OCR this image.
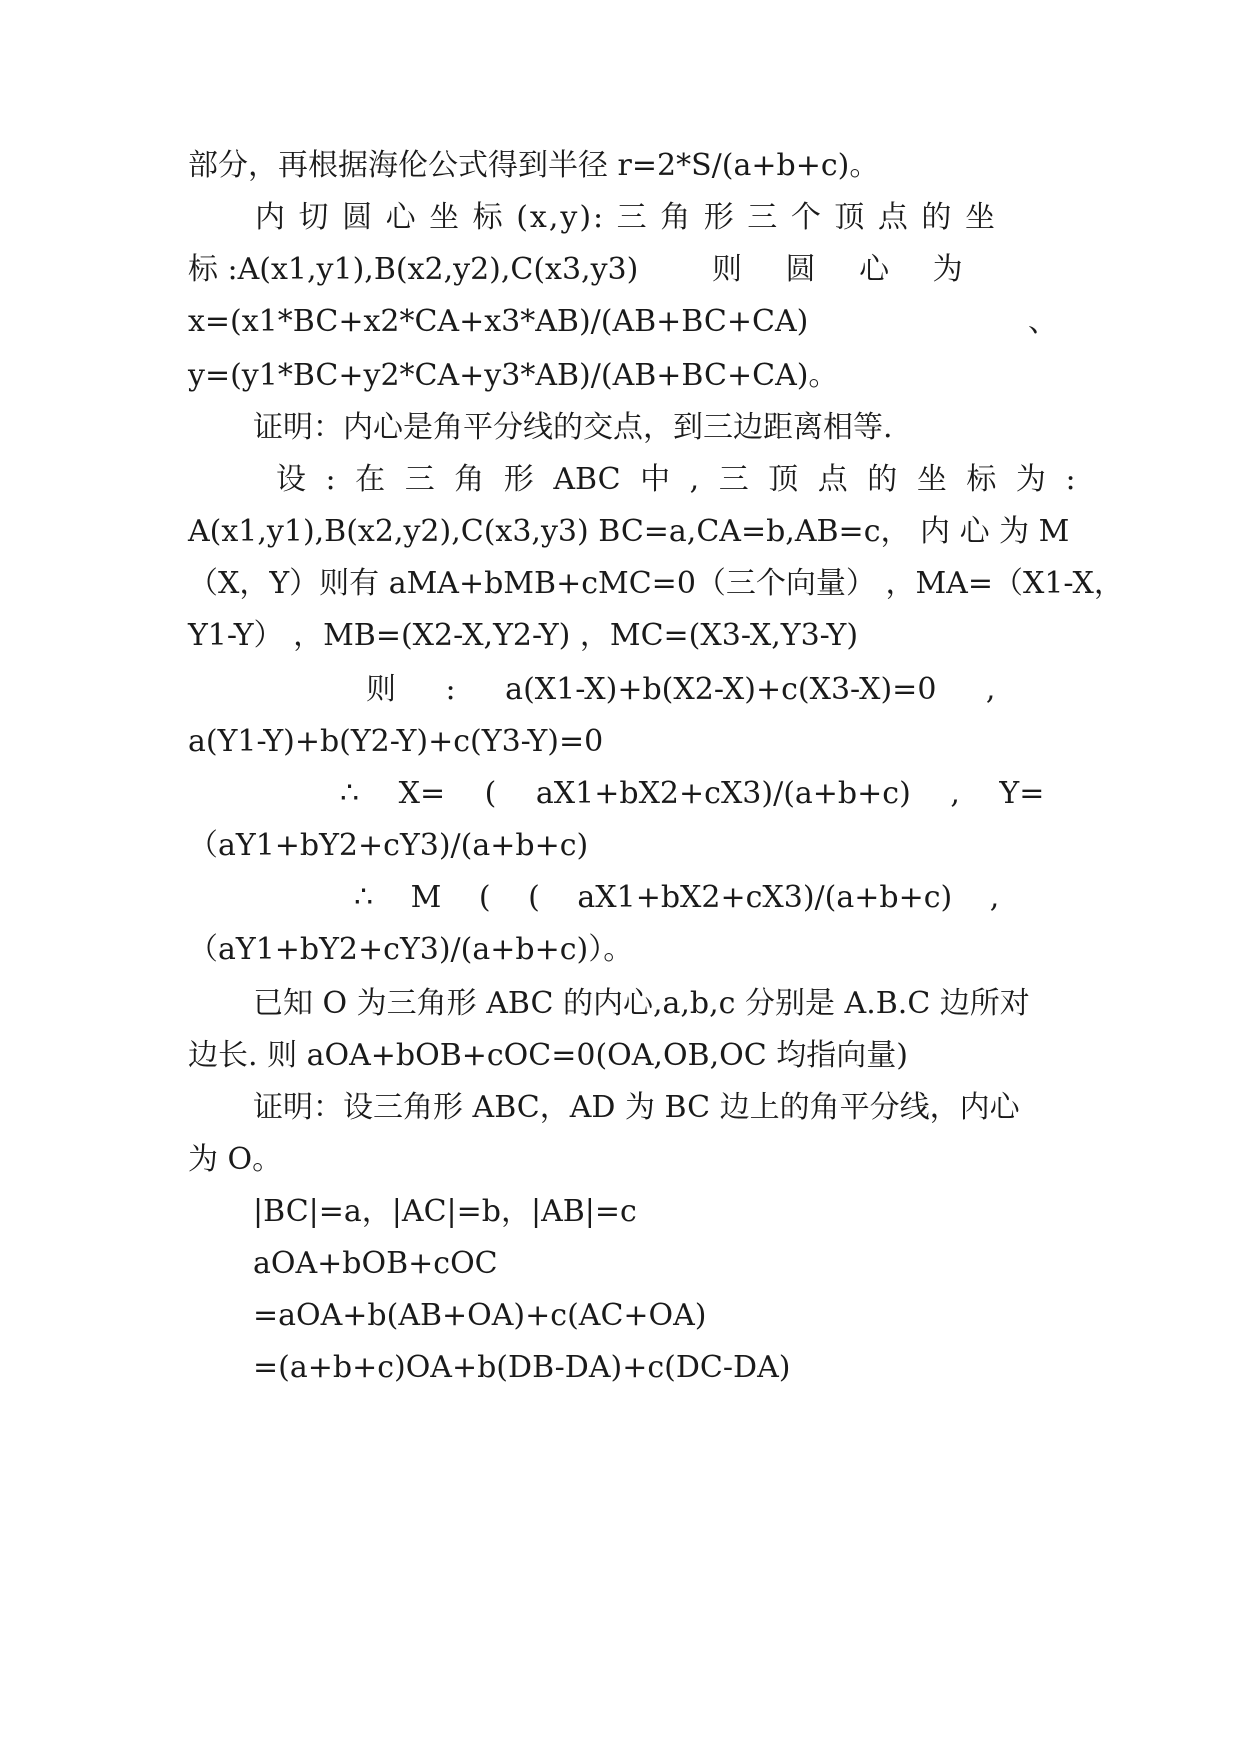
部分，再根据海伦公式得到半径 r=2*S/(a+b+c)。
内 切 圆 心 坐 标 (x,y): 三 角 形 三 个 顶 点 的 坐
标 :A(x1,y1),B(x2,y2),C(x3,y3)	则 圆 心 为
x=(x1*BC+x2*CA+x3*AB)/(AB+BC+CA)	、
y=(y1*BC+y2*CA+y3*AB)/(AB+BC+CA)。
证明：内心是角平分线的交点，到三边距离相等.
设 : 在 三 角 形 ABC 中 , 三 顶 点 的 坐 标 为 :
A(x1,y1),B(x2,y2),C(x3,y3) BC=a,CA=b,AB=c， 内 心 为 M
（X，Y）则有 aMA+bMB+cMC=0（三个向量） ，MA=（X1-X，
Y1-Y） ，MB=(X2-X,Y2-Y) ，MC=(X3-X,Y3-Y)
则 : a(X1-X)+b(X2-X)+c(X3-X)=0 ,
a(Y1-Y)+b(Y2-Y)+c(Y3-Y)=0
∴ X= ( aX1+bX2+cX3)/(a+b+c) , Y=
（aY1+bY2+cY3)/(a+b+c)
∴ M ( ( aX1+bX2+cX3)/(a+b+c) ,
（aY1+bY2+cY3)/(a+b+c)）。
已知 O 为三角形 ABC 的内心,a,b,c 分别是 A.B.C 边所对
边长. 则 aOA+bOB+cOC=0(OA,OB,OC 均指向量)
证明：设三角形 ABC，AD 为 BC 边上的角平分线，内心
为 O。
|BC|=a，|AC|=b，|AB|=c
aOA+bOB+cOC
=aOA+b(AB+OA)+c(AC+OA)
=(a+b+c)OA+b(DB-DA)+c(DC-DA)
